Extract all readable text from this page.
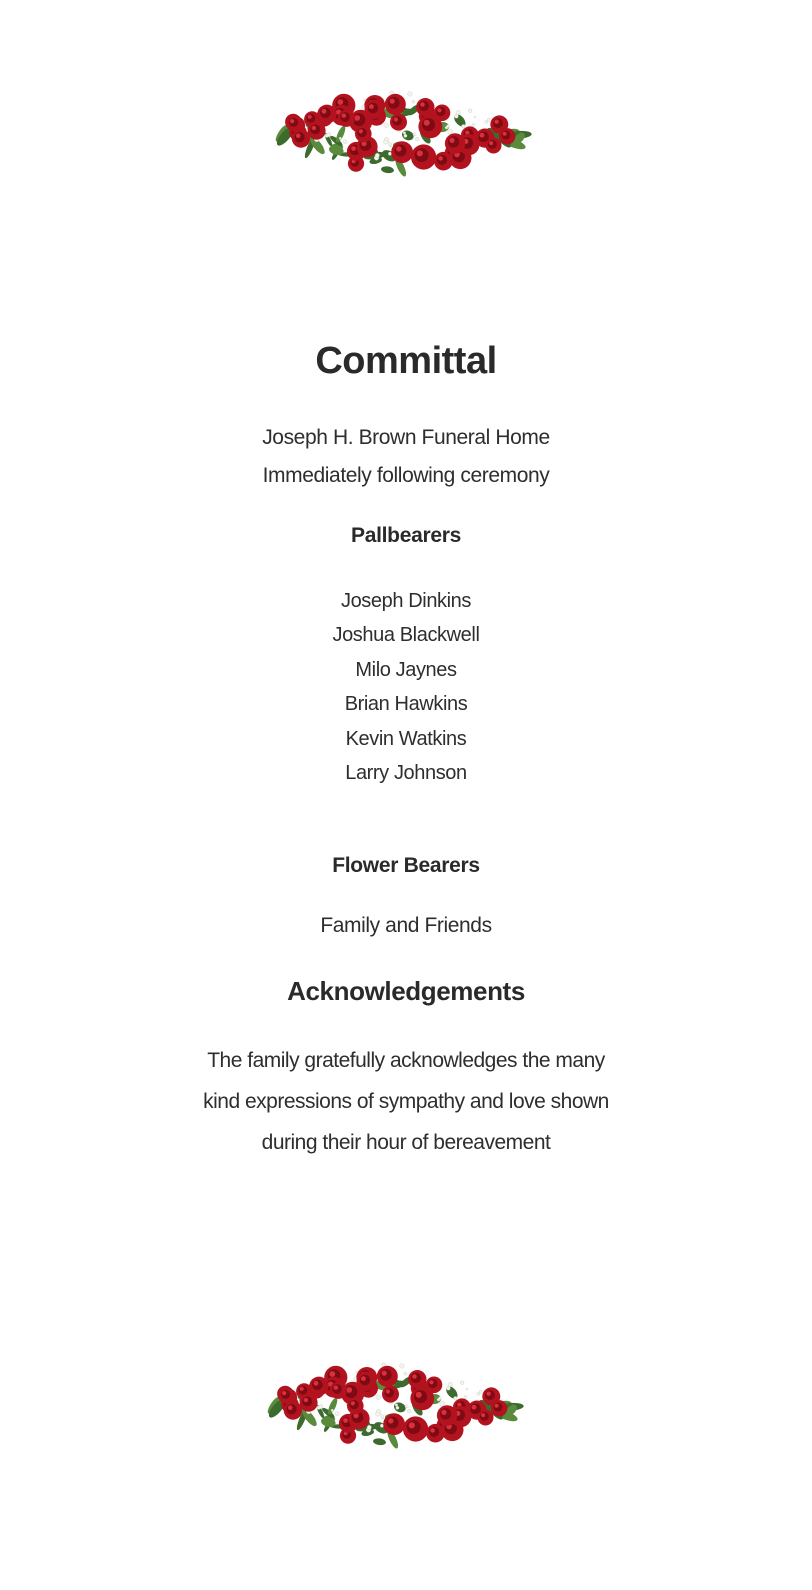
Committal
Joseph H. Brown Funeral Home
Immediately following ceremony
Pallbearers
Joseph Dinkins
Joshua Blackwell
Milo Jaynes
Brian Hawkins
Kevin Watkins
Larry Johnson
Flower Bearers
Family and Friends
Acknowledgements
The family gratefully acknowledges the many kind expressions of sympathy and love shown during their hour of bereavement
